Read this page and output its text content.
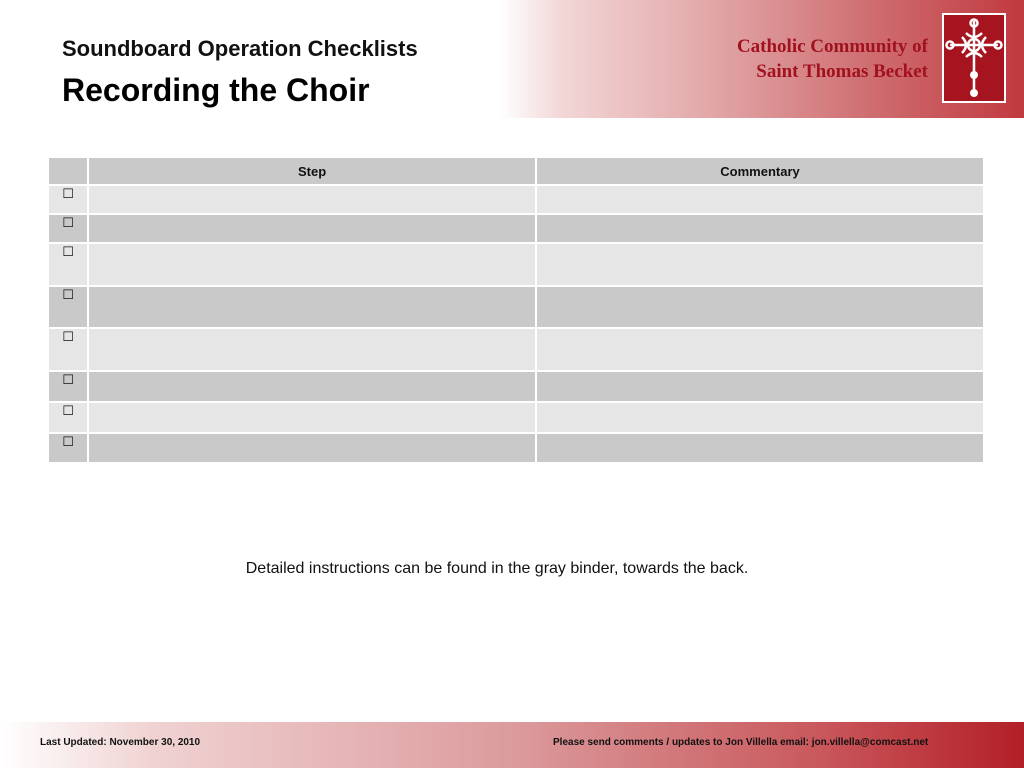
Soundboard Operation Checklists
Recording the Choir
Catholic Community of
Saint Thomas Becket
	Step	Commentary
☐		
☐		
☐		
☐		
☐		
☐		
☐		
☐		
Detailed instructions can be found in the gray binder, towards the back.
Last Updated: November 30, 2010	Please send comments / updates to Jon Villella email: jon.villella@comcast.net
